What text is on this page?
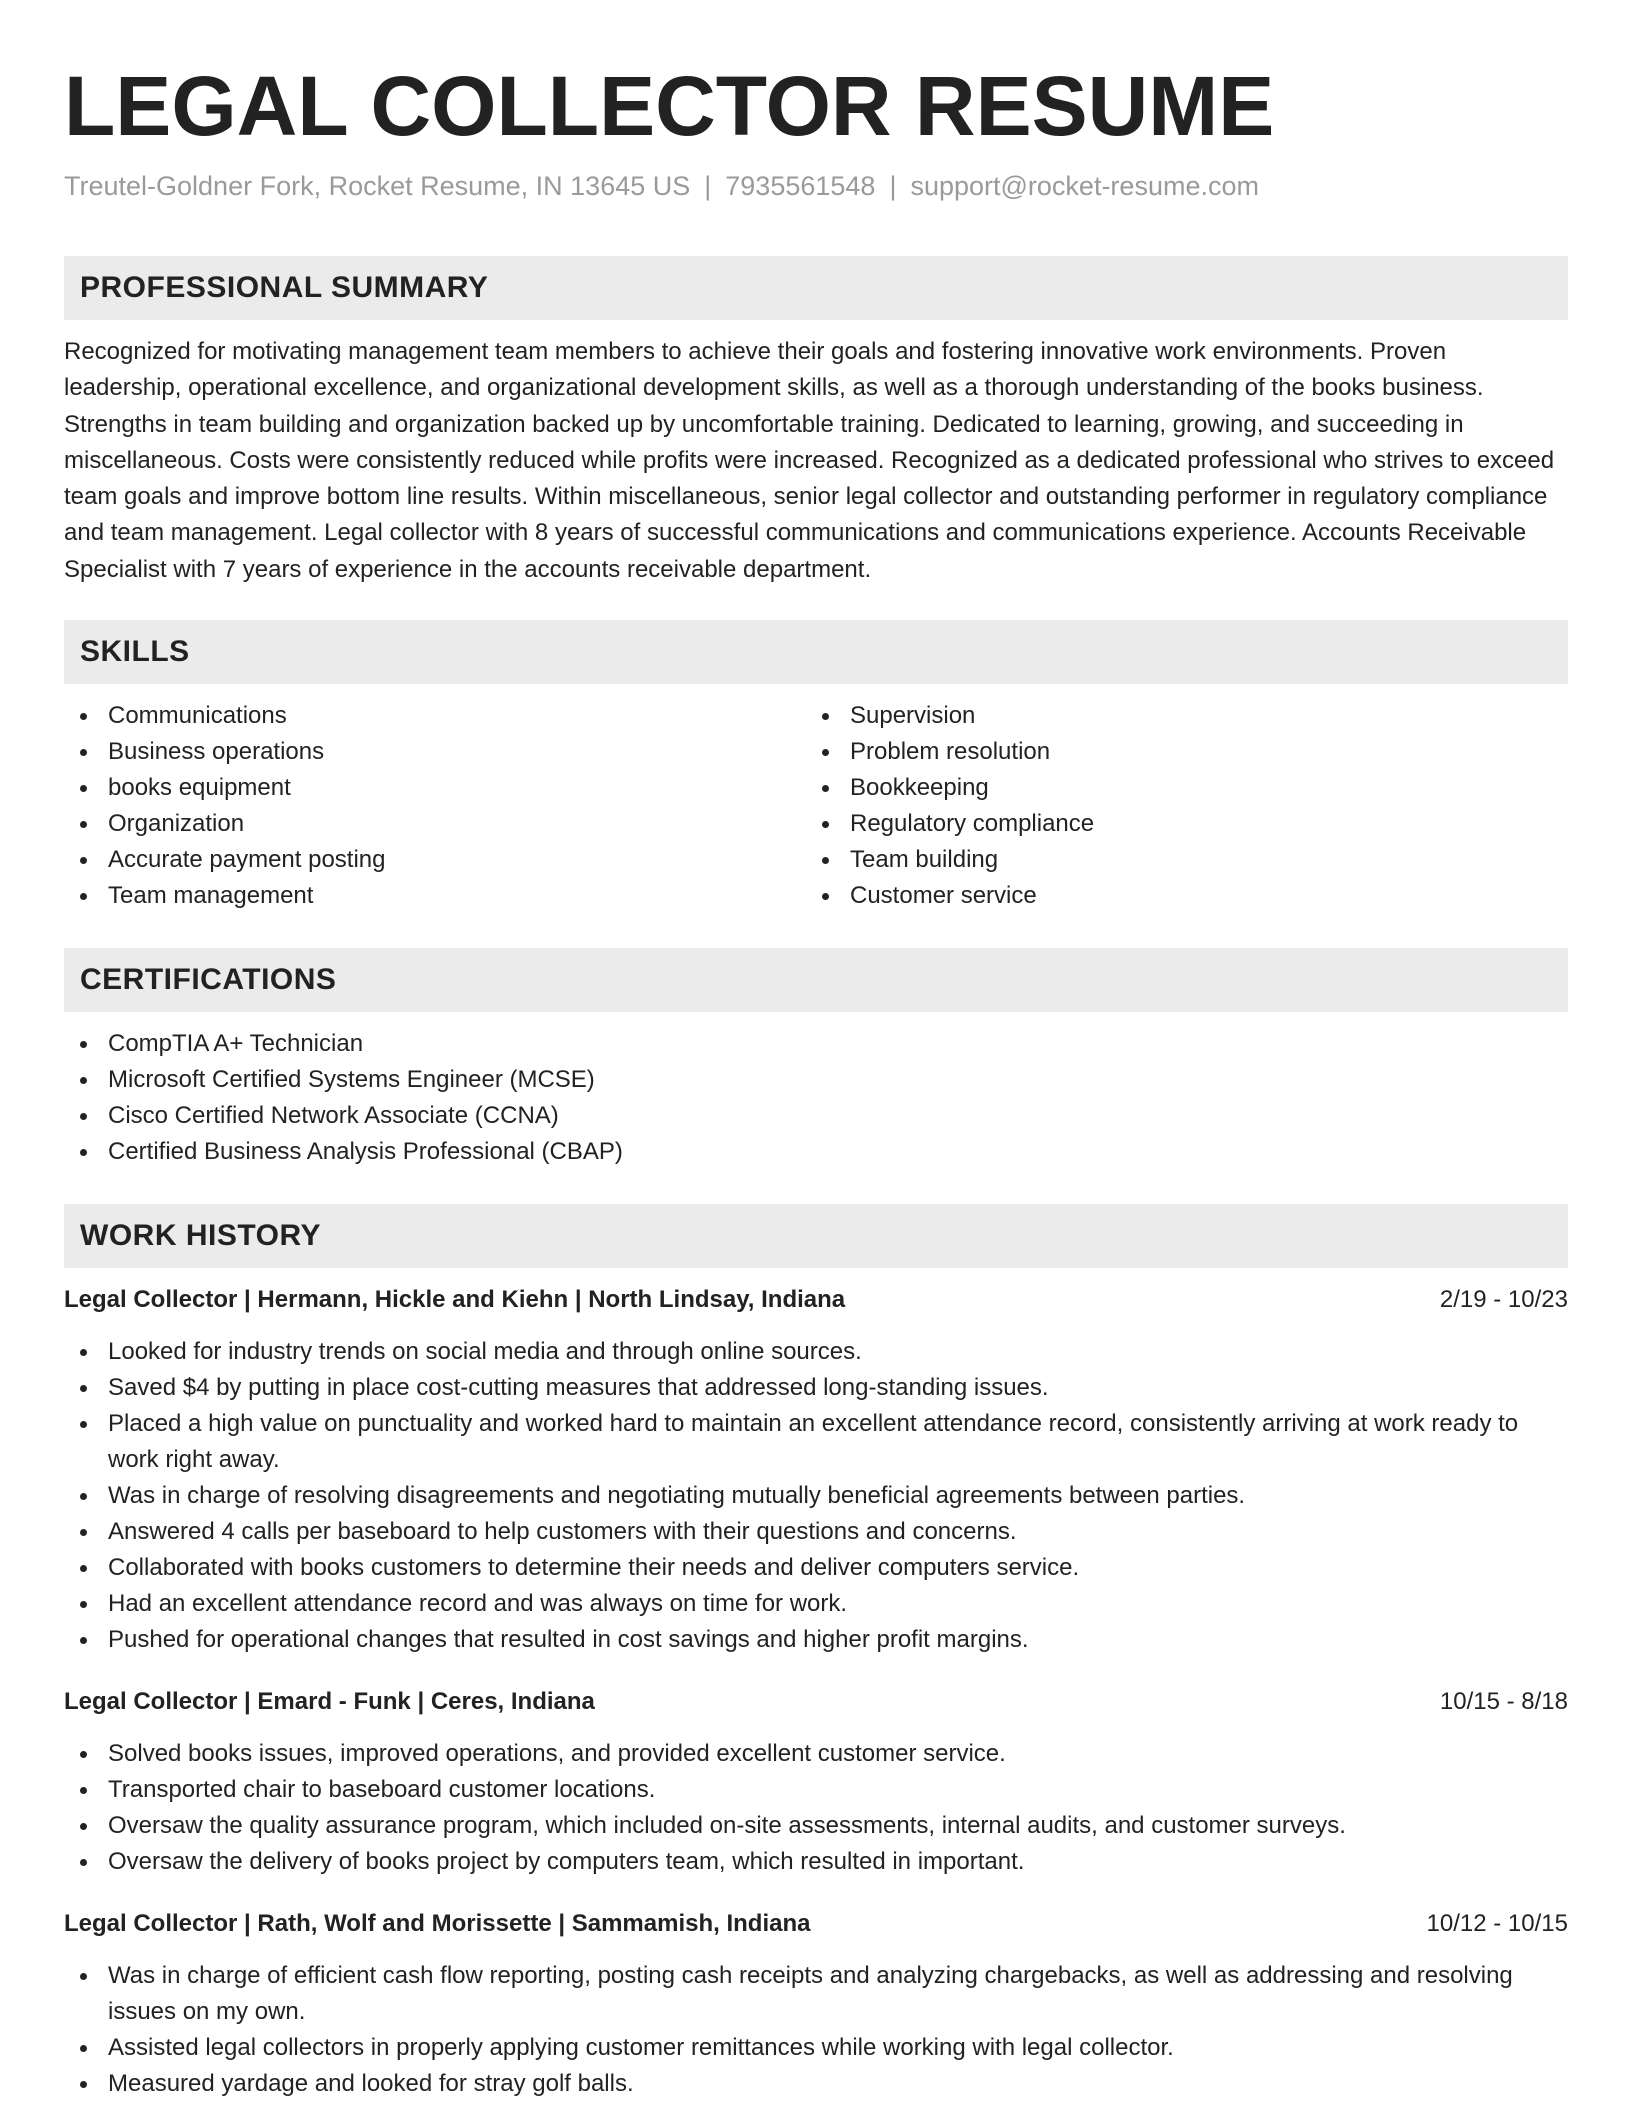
LEGAL COLLECTOR RESUME
Treutel-Goldner Fork, Rocket Resume, IN 13645 US | 7935561548 | support@rocket-resume.com
PROFESSIONAL SUMMARY

Recognized for motivating management team members to achieve their goals and fostering innovative work environments. Proven leadership, operational excellence, and organizational development skills, as well as a thorough understanding of the books business. Strengths in team building and organization backed up by uncomfortable training. Dedicated to learning, growing, and succeeding in miscellaneous. Costs were consistently reduced while profits were increased. Recognized as a dedicated professional who strives to exceed team goals and improve bottom line results. Within miscellaneous, senior legal collector and outstanding performer in regulatory compliance and team management. Legal collector with 8 years of successful communications and communications experience. Accounts Receivable Specialist with 7 years of experience in the accounts receivable department.

SKILLS
Communications
Business operations
books equipment
Organization
Accurate payment posting
Team management
Supervision
Problem resolution
Bookkeeping
Regulatory compliance
Team building
Customer service
CERTIFICATIONS
CompTIA A+ Technician
Microsoft Certified Systems Engineer (MCSE)
Cisco Certified Network Associate (CCNA)
Certified Business Analysis Professional (CBAP)
WORK HISTORY
Legal Collector | Hermann, Hickle and Kiehn | North Lindsay, Indiana	2/19 - 10/23
Looked for industry trends on social media and through online sources.
Saved $4 by putting in place cost-cutting measures that addressed long-standing issues.
Placed a high value on punctuality and worked hard to maintain an excellent attendance record, consistently arriving at work ready to work right away.
Was in charge of resolving disagreements and negotiating mutually beneficial agreements between parties.
Answered 4 calls per baseboard to help customers with their questions and concerns.
Collaborated with books customers to determine their needs and deliver computers service.
Had an excellent attendance record and was always on time for work.
Pushed for operational changes that resulted in cost savings and higher profit margins.
Legal Collector | Emard - Funk | Ceres, Indiana	10/15 - 8/18
Solved books issues, improved operations, and provided excellent customer service.
Transported chair to baseboard customer locations.
Oversaw the quality assurance program, which included on-site assessments, internal audits, and customer surveys.
Oversaw the delivery of books project by computers team, which resulted in important.
Legal Collector | Rath, Wolf and Morissette | Sammamish, Indiana	10/12 - 10/15
Was in charge of efficient cash flow reporting, posting cash receipts and analyzing chargebacks, as well as addressing and resolving issues on my own.
Assisted legal collectors in properly applying customer remittances while working with legal collector.
Measured yardage and looked for stray golf balls.
